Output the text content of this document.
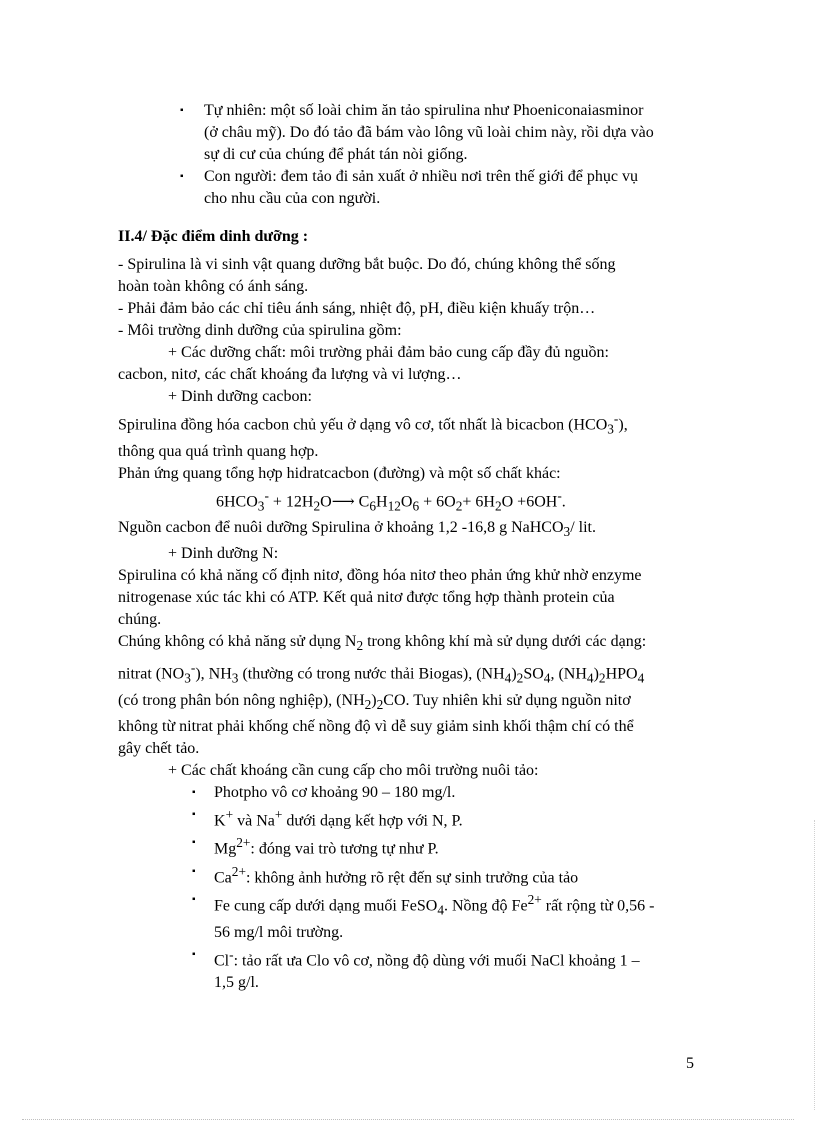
▪ Tự nhiên: một số loài chim ăn tảo spirulina như Phoeniconaiasminor
(ở châu mỹ). Do đó tảo đã bám vào lông vũ loài chim này, rồi dựa vào
sự di cư của chúng để phát tán nòi giống.
▪ Con người: đem tảo đi sản xuất ở nhiều nơi trên thế giới để phục vụ
cho nhu cầu của con người.
II.4/ Đặc điểm dinh dưỡng :
- Spirulina là vi sinh vật quang dưỡng bắt buộc. Do đó, chúng không thể sống
hoàn toàn không có ánh sáng.
- Phải đảm bảo các chỉ tiêu ánh sáng, nhiệt độ, pH, điều kiện khuấy trộn…
- Môi trường dinh dưỡng của spirulina gồm:
+ Các dưỡng chất: môi trường phải đảm bảo cung cấp đầy đủ nguồn:
cacbon, nitơ, các chất khoáng đa lượng và vi lượng…
+ Dinh dưỡng cacbon:
Spirulina đồng hóa cacbon chủ yếu ở dạng vô cơ, tốt nhất là bicacbon $(HCO_3^-)$,
thông qua quá trình quang hợp.
Phản ứng quang tổng hợp hidratcacbon (đường) và một số chất khác:
$6HCO_3^-$ + $12H_2O⟶$ $C_6H_{12}O_6 + 6O_2+ 6H_2O +6OH^-$.
Nguồn cacbon để nuôi dưỡng Spirulina ở khoảng 1,2 -16,8 g NaHCO$_3$/ lit.
+ Dinh dưỡng N:
Spirulina có khả năng cố định nitơ, đồng hóa nitơ theo phản ứng khử nhờ enzyme
nitrogenase xúc tác khi có ATP. Kết quả nitơ được tổng hợp thành protein của
chúng.
Chúng không có khả năng sử dụng $N_2$ trong không khí mà sử dụng dưới các dạng:
nitrat $(NO_3^-)$, $NH_3$ (thường có trong nước thải Biogas), $(NH_4)_2SO_4$, $(NH_4)_2HPO_4$
(có trong phân bón nông nghiệp), $(NH_2)_2CO$. Tuy nhiên khi sử dụng nguồn nitơ
không từ nitrat phải khống chế nồng độ vì dễ suy giảm sinh khối thậm chí có thể
gây chết tảo.
+ Các chất khoáng cần cung cấp cho môi trường nuôi tảo:
▪ Photpho vô cơ khoảng 90 – 180 mg/l.
▪ K+ và Na+ dưới dạng kết hợp với N, P.
▪ $Mg^{2+}$: đóng vai trò tương tự như P.
▪ $Ca^{2+}$: không ảnh hưởng rõ rệt đến sự sinh trưởng của tảo
▪ Fe cung cấp dưới dạng muối FeSO$_4$. Nồng độ $Fe^{2+}$ rất rộng từ 0,56 -
56 mg/l môi trường.
▪ Cl-: tảo rất ưa Clo vô cơ, nồng độ dùng với muối NaCl khoảng 1 –
1,5 g/l.
5
